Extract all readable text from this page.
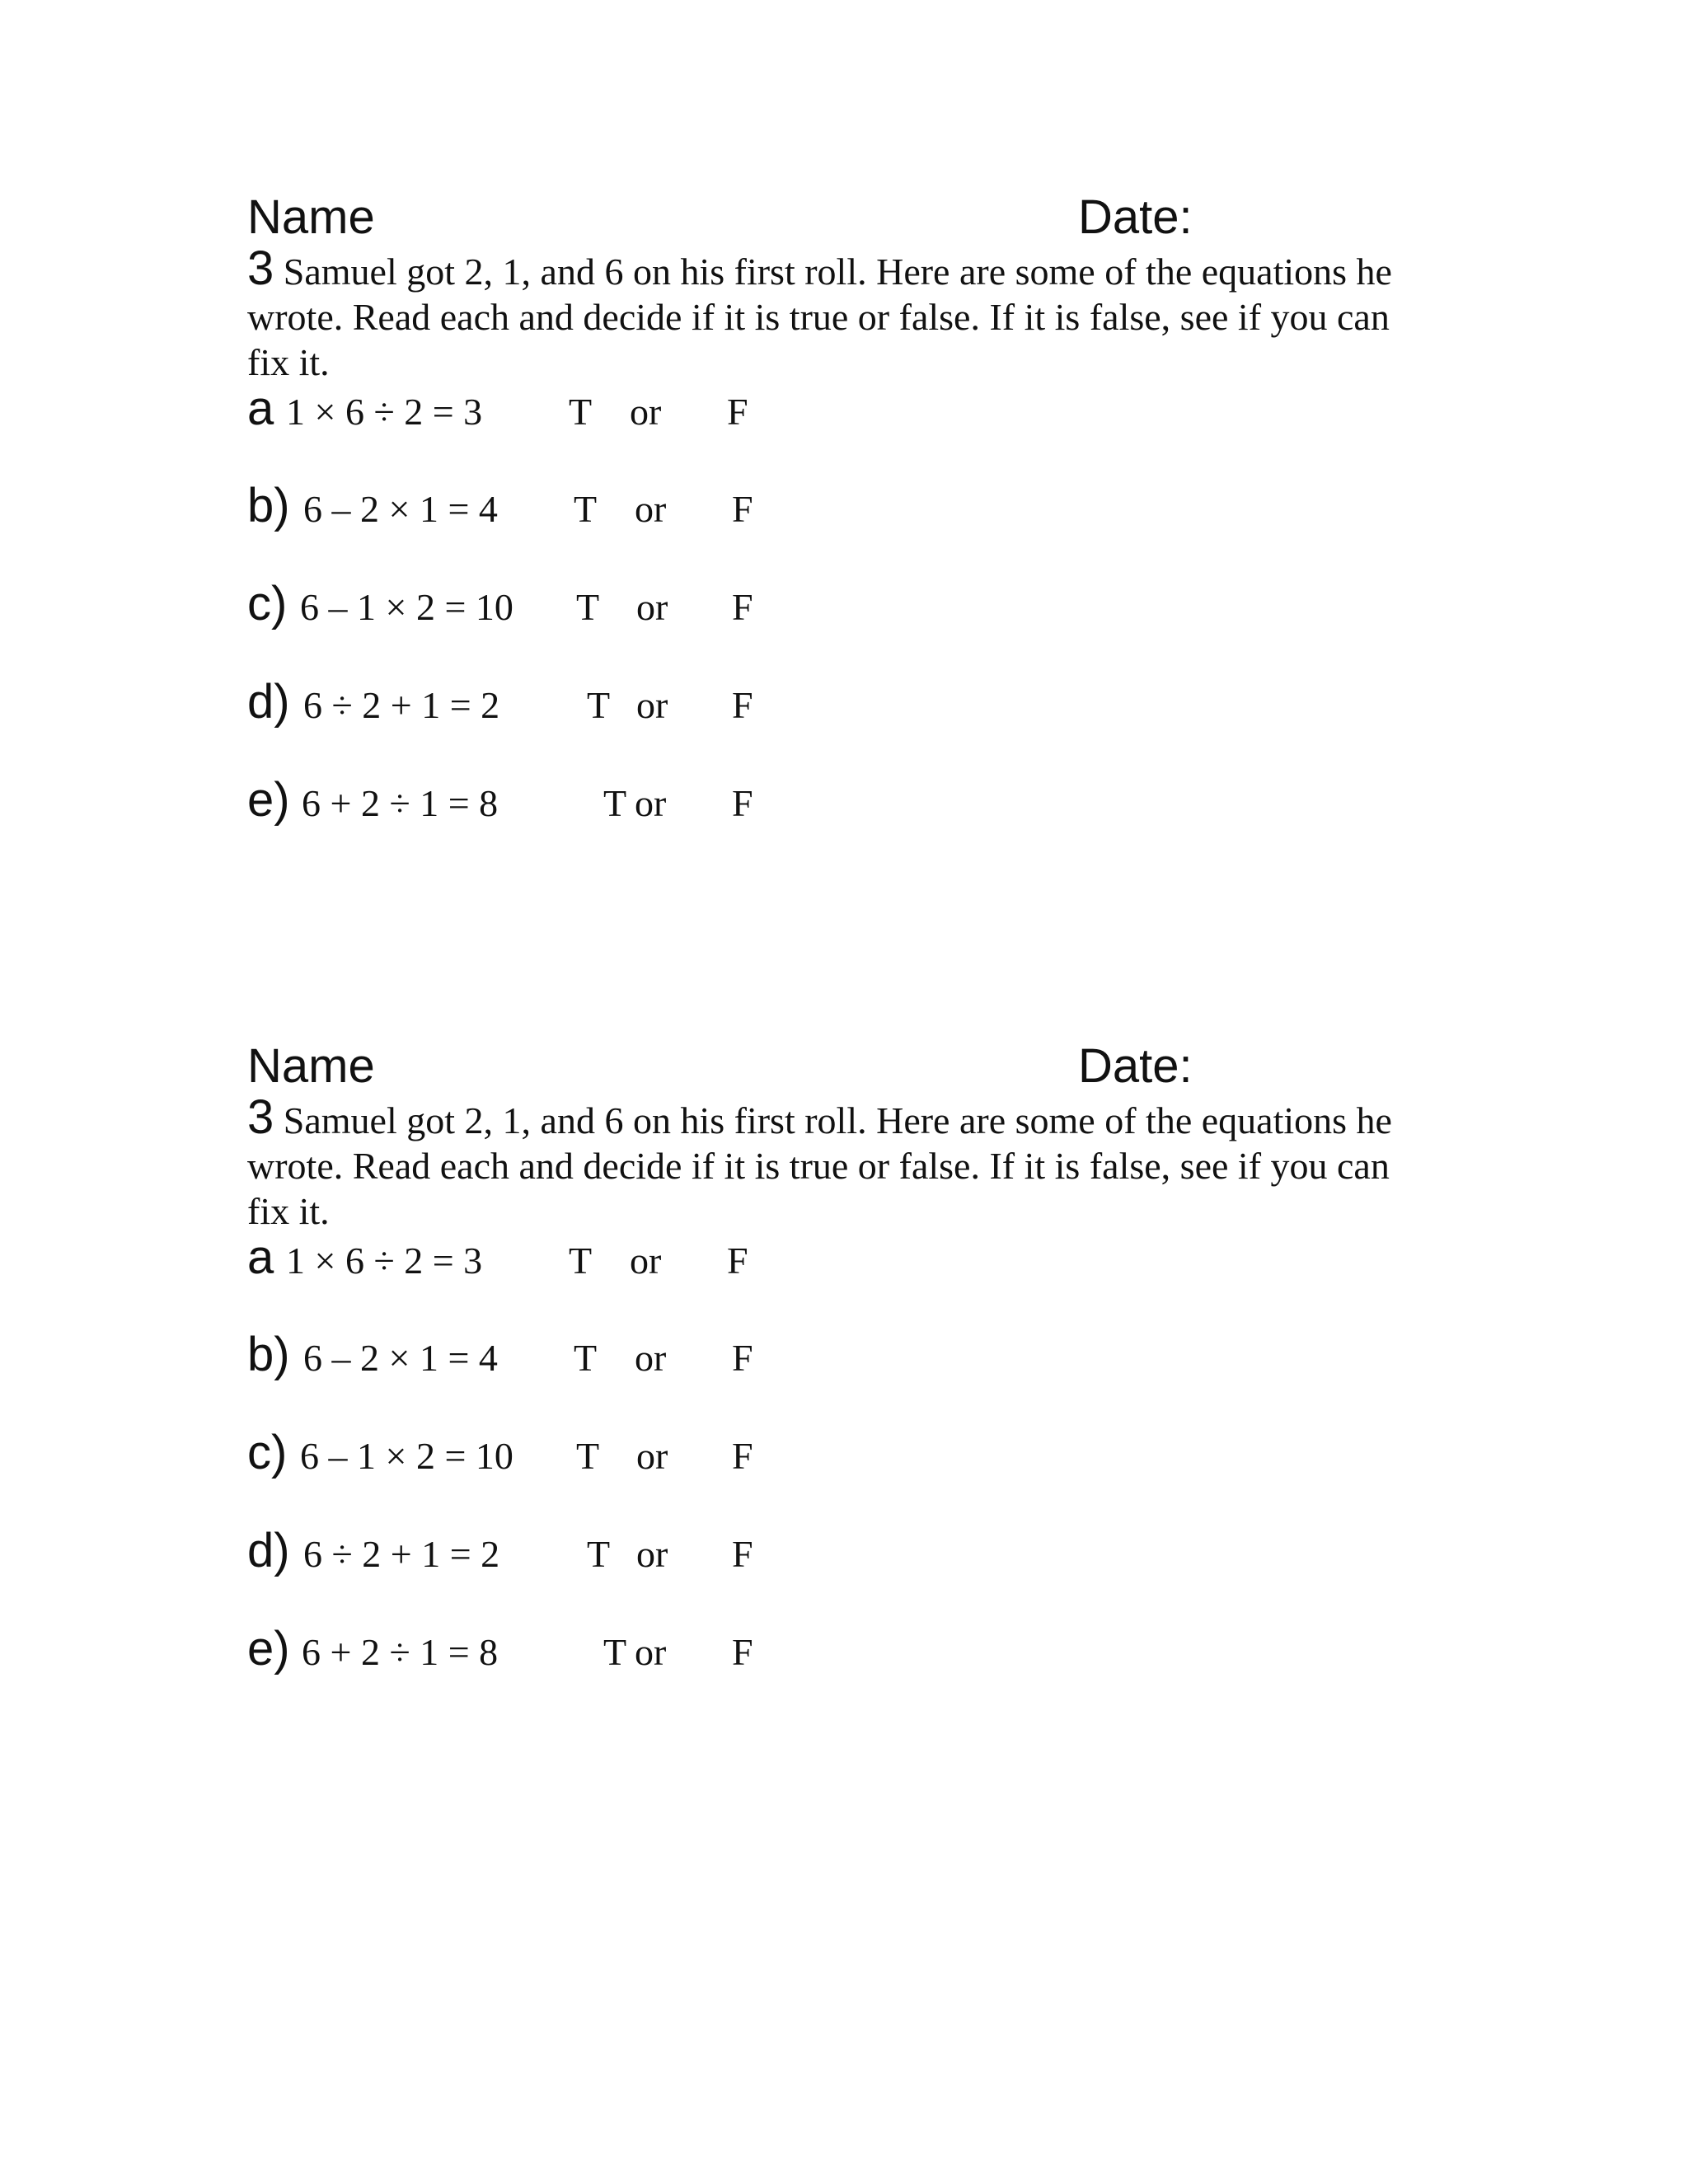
Name	Date:
3 Samuel got 2, 1, and 6 on his first roll. Here are some of the equations he
wrote. Read each and decide if it is true or false. If it is false, see if you can
fix it.
a 1 × 6 ÷ 2 = 3 T or F
b) 6 – 2 × 1 = 4 T or F
c) 6 – 1 × 2 = 10 T or F
d) 6 ÷ 2 + 1 = 2 T or F
e) 6 + 2 ÷ 1 = 8	T or F
Name	Date:
3 Samuel got 2, 1, and 6 on his first roll. Here are some of the equations he
wrote. Read each and decide if it is true or false. If it is false, see if you can
fix it.
a 1 × 6 ÷ 2 = 3 T or F
b) 6 – 2 × 1 = 4 T or F
c) 6 – 1 × 2 = 10 T or F
d) 6 ÷ 2 + 1 = 2 T or F
e) 6 + 2 ÷ 1 = 8	T or F
